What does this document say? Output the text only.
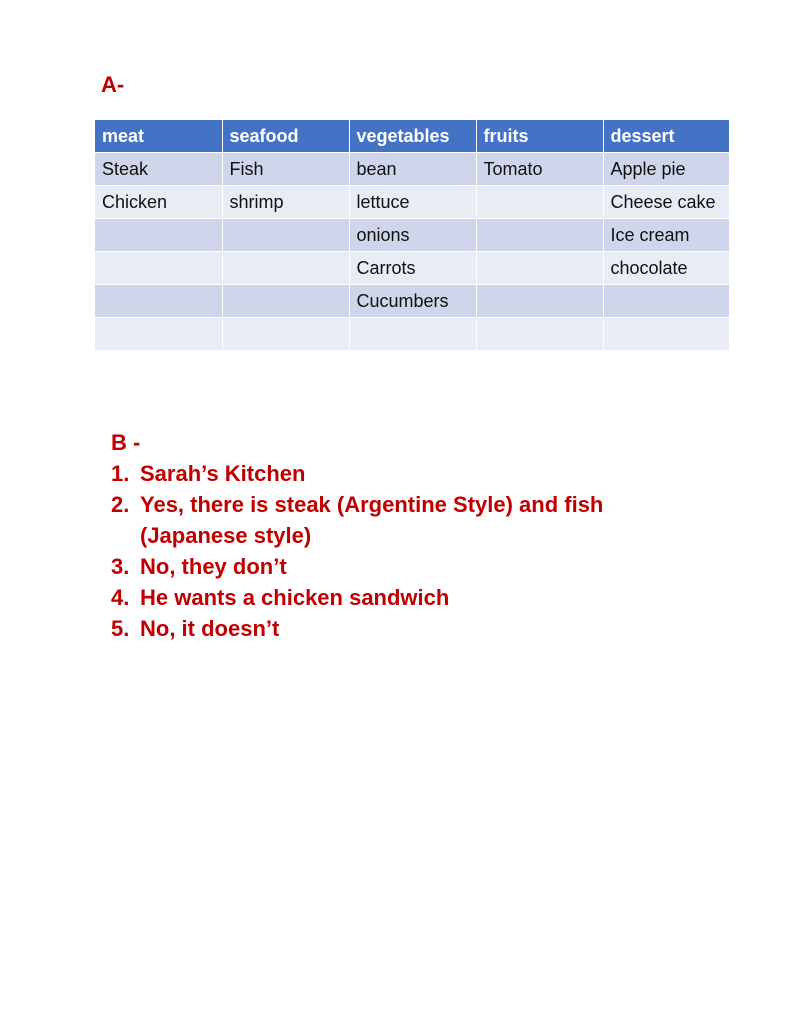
A-
meat	seafood	vegetables	fruits	dessert
Steak	Fish	bean	Tomato	Apple pie
Chicken	shrimp	lettuce		Cheese cake
		onions		Ice cream
		Carrots		chocolate
		Cucumbers		

B -
1. Sarah’s Kitchen
2. Yes, there is steak (Argentine Style) and fish (Japanese style)
3. No, they don’t
4. He wants a chicken sandwich
5. No, it doesn’t
